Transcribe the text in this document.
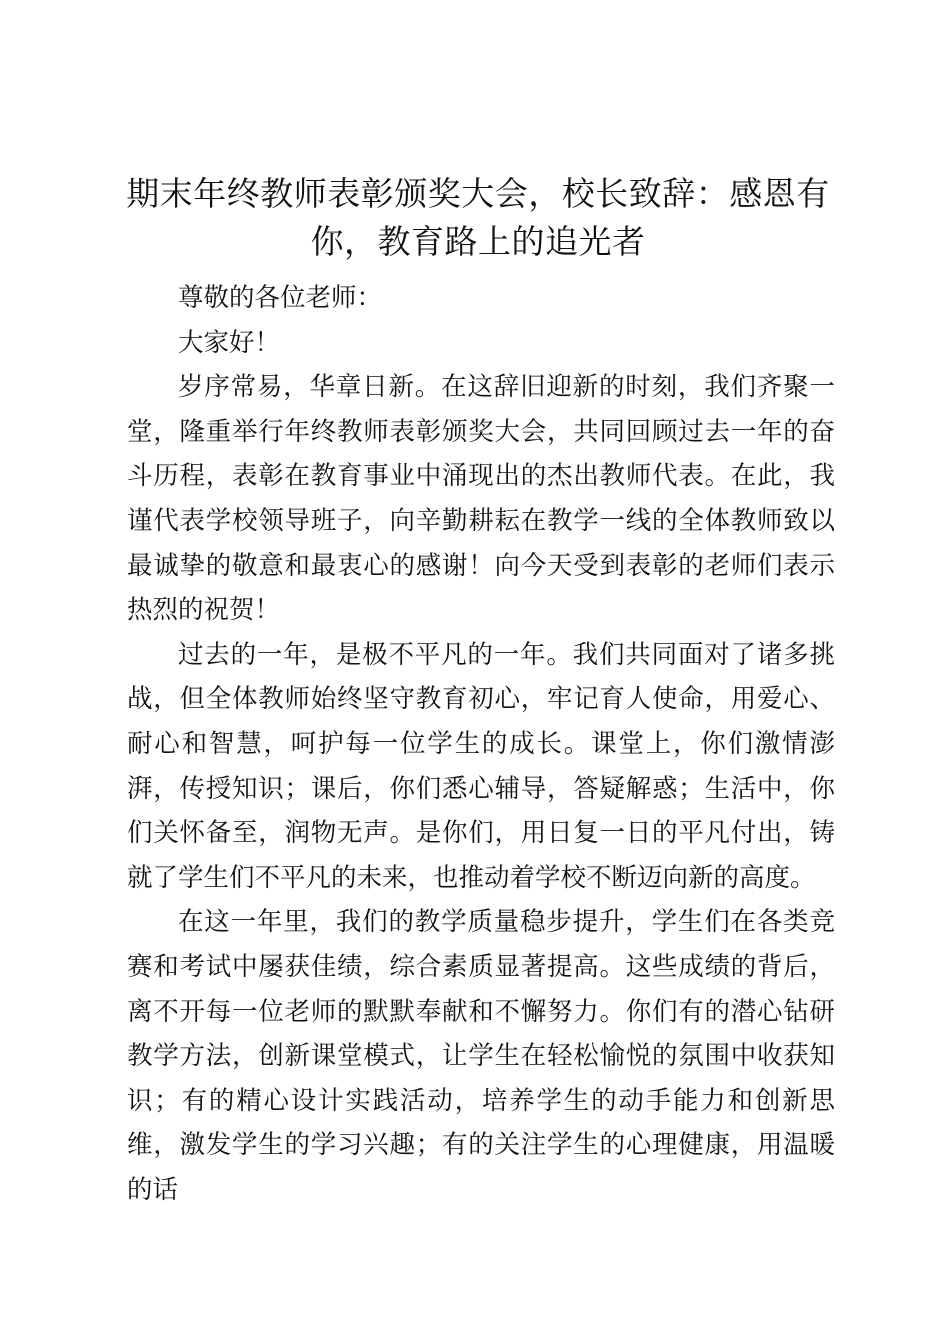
期末年终教师表彰颁奖大会，校长致辞：感恩有你，教育路上的追光者

尊敬的各位老师：

大家好！

岁序常易，华章日新。在这辞旧迎新的时刻，我们齐聚一堂，隆重举行年终教师表彰颁奖大会，共同回顾过去一年的奋斗历程，表彰在教育事业中涌现出的杰出教师代表。在此，我谨代表学校领导班子，向辛勤耕耘在教学一线的全体教师致以最诚挚的敬意和最衷心的感谢！向今天受到表彰的老师们表示热烈的祝贺！

过去的一年，是极不平凡的一年。我们共同面对了诸多挑战，但全体教师始终坚守教育初心，牢记育人使命，用爱心、耐心和智慧，呵护每一位学生的成长。课堂上，你们激情澎湃，传授知识；课后，你们悉心辅导，答疑解惑；生活中，你们关怀备至，润物无声。是你们，用日复一日的平凡付出，铸就了学生们不平凡的未来，也推动着学校不断迈向新的高度。

在这一年里，我们的教学质量稳步提升，学生们在各类竞赛和考试中屡获佳绩，综合素质显著提高。这些成绩的背后，离不开每一位老师的默默奉献和不懈努力。你们有的潜心钻研教学方法，创新课堂模式，让学生在轻松愉悦的氛围中收获知识；有的精心设计实践活动，培养学生的动手能力和创新思维，激发学生的学习兴趣；有的关注学生的心理健康，用温暖的话
